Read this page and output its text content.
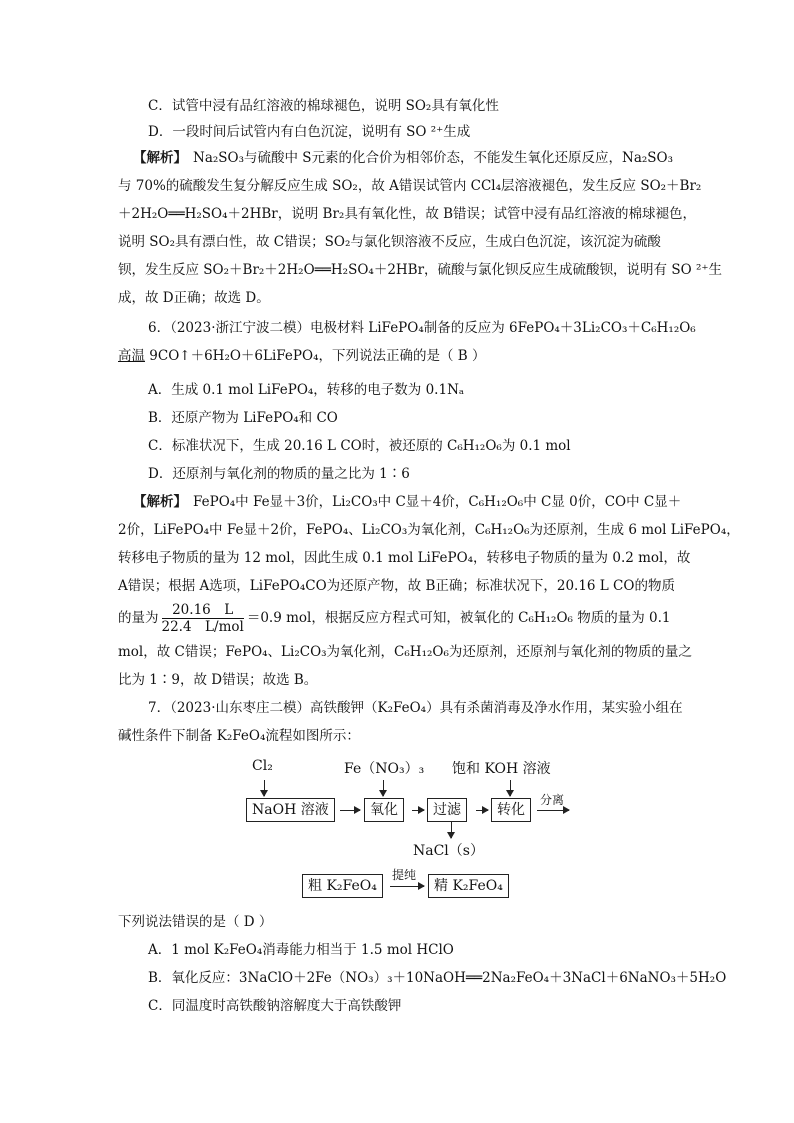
C．试管中浸有品红溶液的棉球褪色，说明 SO₂具有氧化性
D．一段时间后试管内有白色沉淀，说明有 SO ²⁺生成
【解析】 Na₂SO₃与硫酸中 S元素的化合价为相邻价态，不能发生氧化还原反应，Na₂SO₃
与 70%的硫酸发生复分解反应生成 SO₂，故 A错误试管内 CCl₄层溶液褪色，发生反应 SO₂＋Br₂
＋2H₂O══H₂SO₄＋2HBr，说明 Br₂具有氧化性，故 B错误；试管中浸有品红溶液的棉球褪色，
说明 SO₂具有漂白性，故 C错误；SO₂与氯化钡溶液不反应，生成白色沉淀，该沉淀为硫酸
钡，发生反应 SO₂＋Br₂＋2H₂O══H₂SO₄＋2HBr，硫酸与氯化钡反应生成硫酸钡，说明有 SO ²⁺生
成，故 D正确；故选 D。
6．（2023·浙江宁波二模）电极材料 LiFePO₄制备的反应为 6FePO₄＋3Li₂CO₃＋C₆H₁₂O₆
高温 9CO↑＋6H₂O＋6LiFePO₄，下列说法正确的是（ B ）
A．生成 0.1 mol LiFePO₄，转移的电子数为 0.1Nₐ
B．还原产物为 LiFePO₄和 CO
C．标准状况下，生成 20.16 L CO时，被还原的 C₆H₁₂O₆为 0.1 mol
D．还原剂与氧化剂的物质的量之比为 1∶6
【解析】 FePO₄中 Fe显＋3价，Li₂CO₃中 C显＋4价，C₆H₁₂O₆中 C显 0价，CO中 C显＋
2价，LiFePO₄中 Fe显＋2价，FePO₄、Li₂CO₃为氧化剂，C₆H₁₂O₆为还原剂，生成 6 mol LiFePO₄，
转移电子物质的量为 12 mol，因此生成 0.1 mol LiFePO₄，转移电子物质的量为 0.2 mol，故
A错误；根据 A选项，LiFePO₄CO为还原产物，故 B正确；标准状况下，20.16 L CO的物质
的量为 $\frac{20.16 L}{\text{22.4　L/mol}} =0.9$ mol，根据反应方程式可知，被氧化的 C₆H₁₂O₆ 物质的量为 0.1
mol，故 C错误；FePO₄、Li₂CO₃为氧化剂，C₆H₁₂O₆为还原剂，还原剂与氧化剂的物质的量之
比为 1∶9，故 D错误；故选 B。
7．（2023·山东枣庄二模）高铁酸钾（K₂FeO₄）具有杀菌消毒及净水作用，某实验小组在
碱性条件下制备 K₂FeO₄流程如图所示：
Cl₂	Fe（NO₃）₃ 饱和 KOH 溶液
NaOH 溶液	氧化	过滤	转化
分离
NaCl（s）
粗 K₂FeO₄
提纯
精 K₂FeO₄
下列说法错误的是（ D ）
A．1 mol K₂FeO₄消毒能力相当于 1.5 mol HClO
B．氧化反应：3NaClO＋2Fe（NO₃）₃＋10NaOH══2Na₂FeO₄＋3NaCl＋6NaNO₃＋5H₂O
C．同温度时高铁酸钠溶解度大于高铁酸钾
